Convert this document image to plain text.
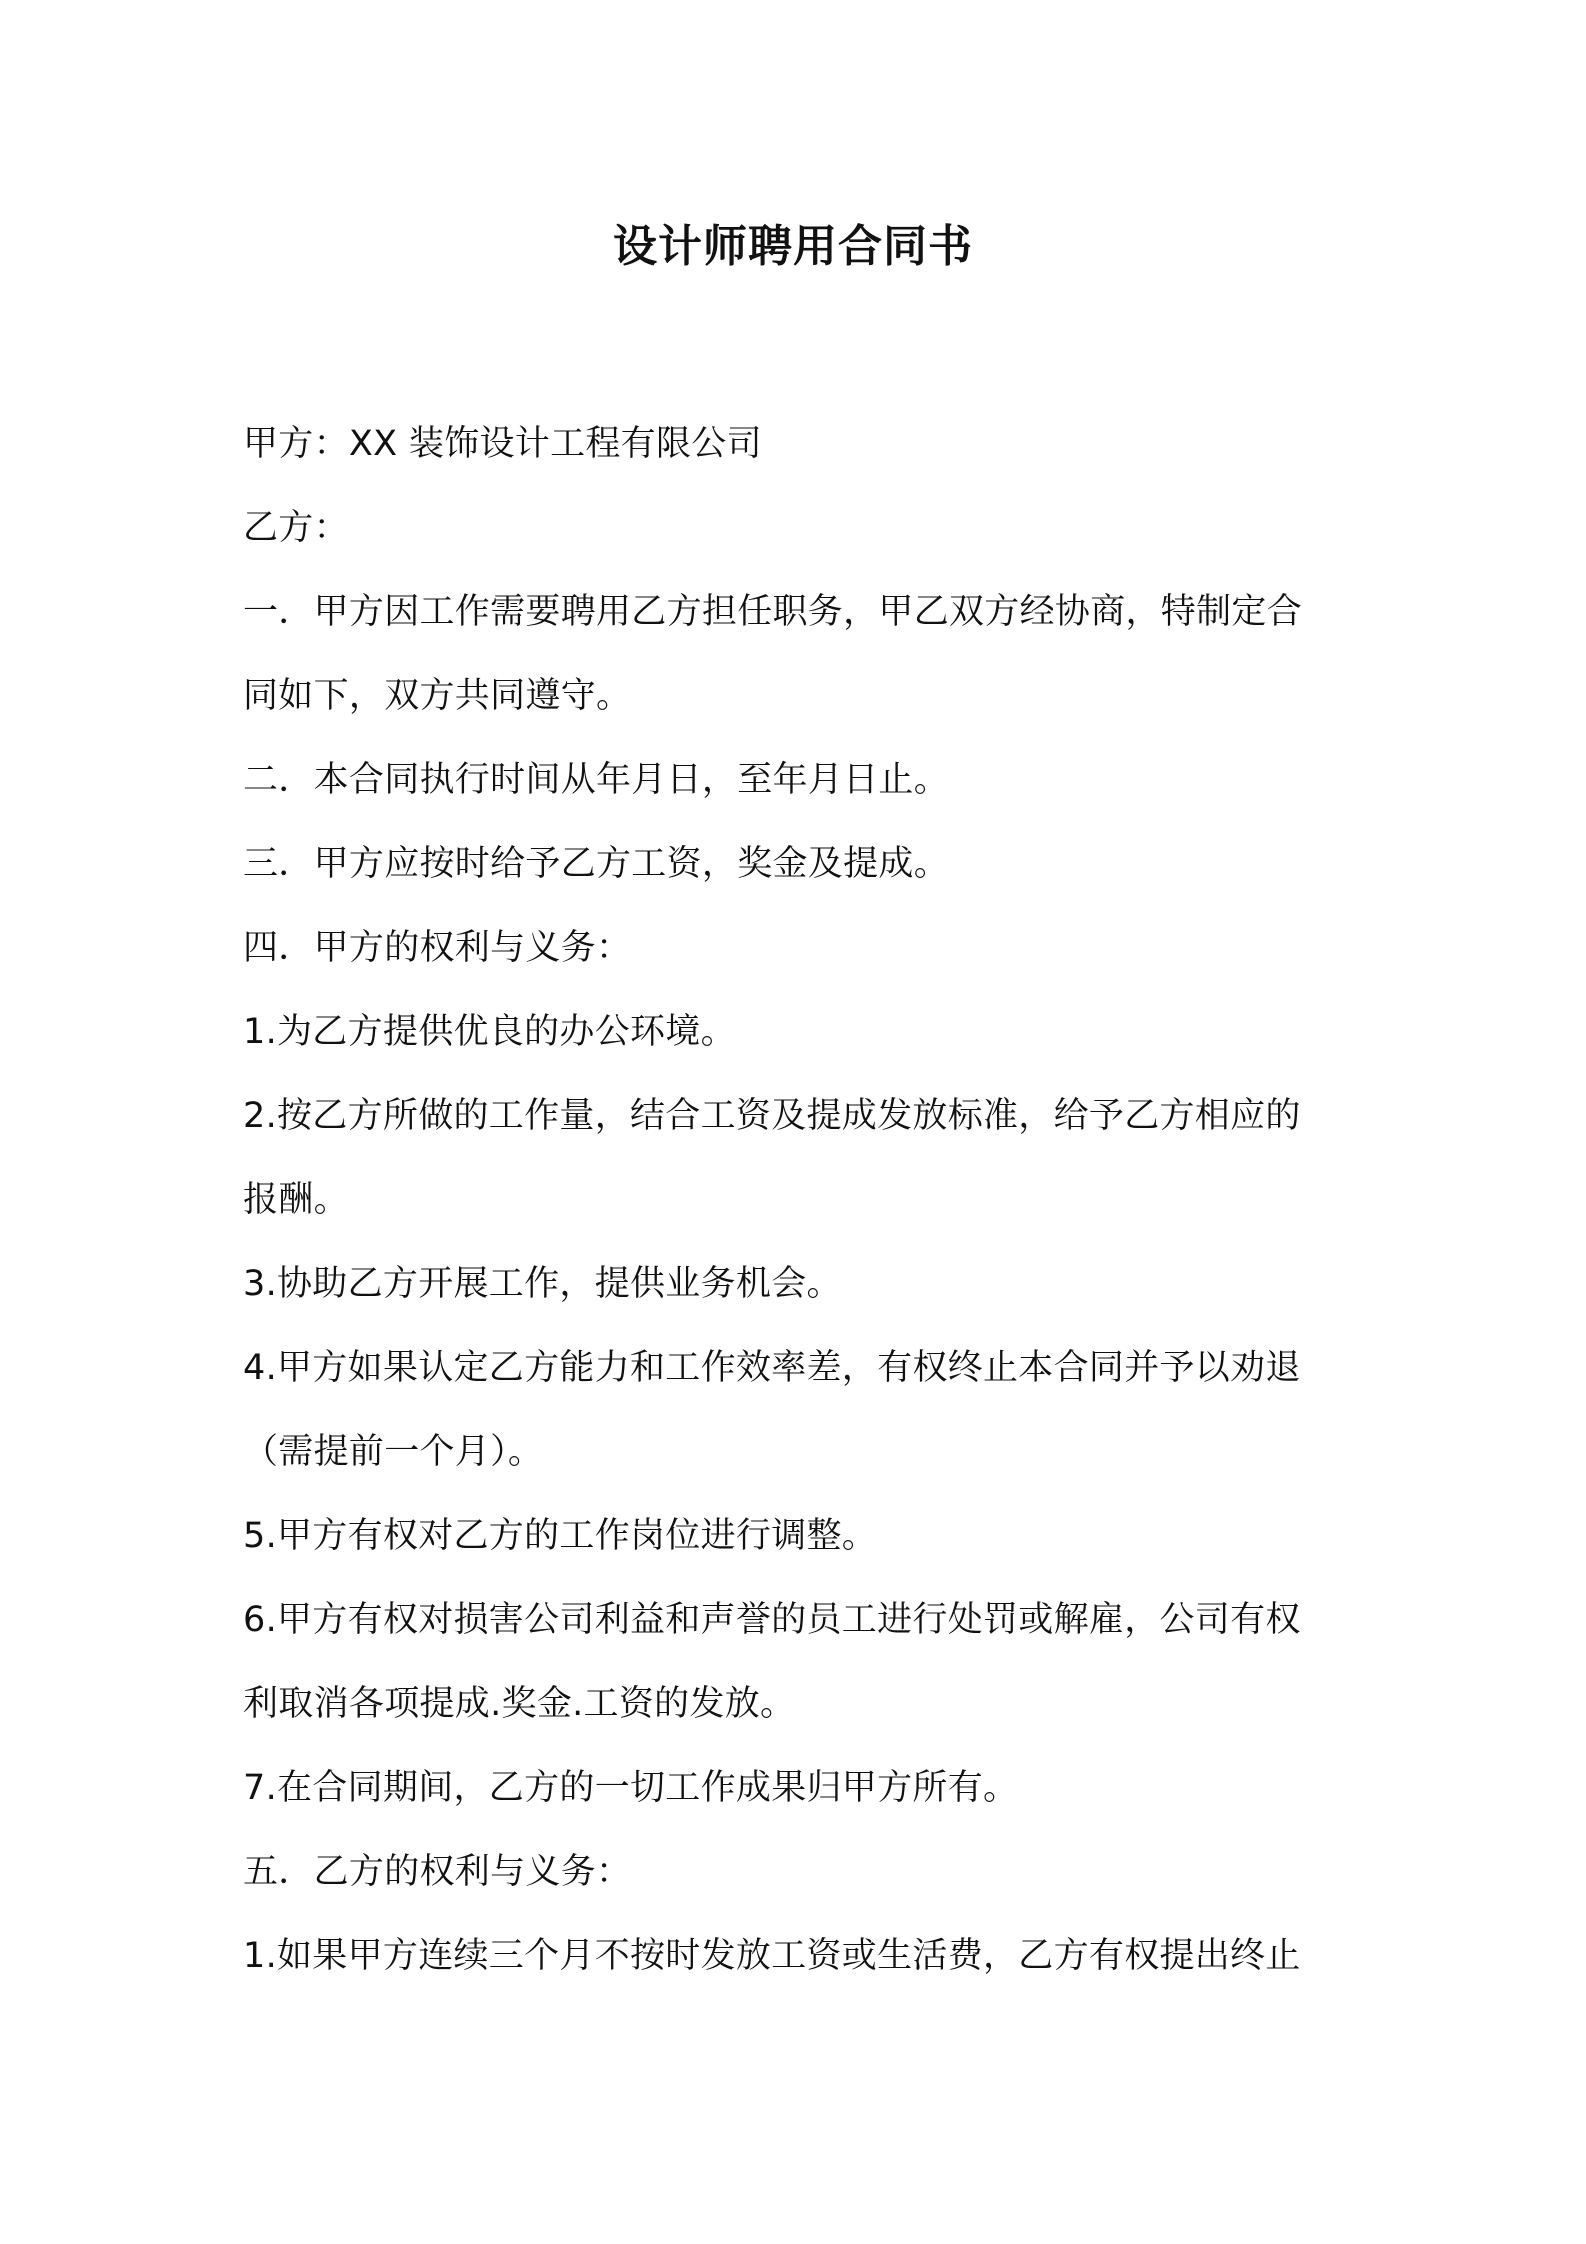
设计师聘用合同书

甲方：XX 装饰设计工程有限公司

乙方：

一．甲方因工作需要聘用乙方担任职务，甲乙双方经协商，特制定合

同如下，双方共同遵守。

二．本合同执行时间从年月日，至年月日止。

三．甲方应按时给予乙方工资，奖金及提成。

四．甲方的权利与义务：

1.为乙方提供优良的办公环境。

2.按乙方所做的工作量，结合工资及提成发放标准，给予乙方相应的

报酬。

3.协助乙方开展工作，提供业务机会。

4.甲方如果认定乙方能力和工作效率差，有权终止本合同并予以劝退

（需提前一个月）。

5.甲方有权对乙方的工作岗位进行调整。

6.甲方有权对损害公司利益和声誉的员工进行处罚或解雇，公司有权

利取消各项提成.奖金.工资的发放。

7.在合同期间，乙方的一切工作成果归甲方所有。

五．乙方的权利与义务：

1.如果甲方连续三个月不按时发放工资或生活费，乙方有权提出终止
